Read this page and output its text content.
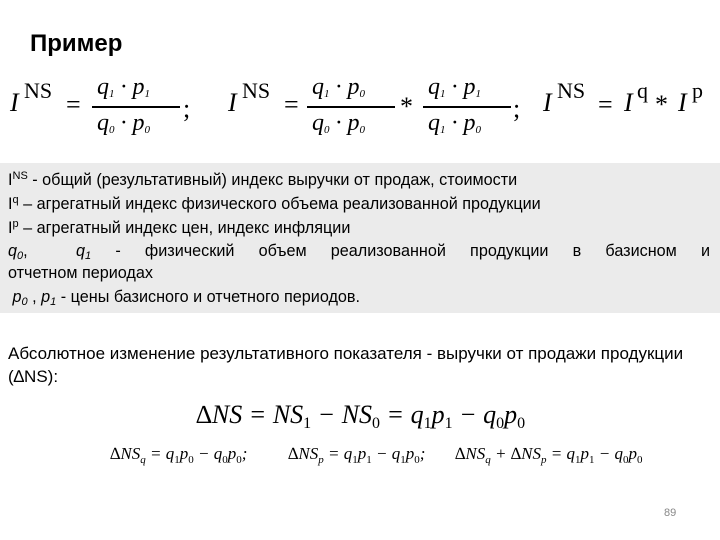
Пример
I NS =
$q_1 \cdot p_1$
$q_0 \cdot p_0$
; I NS =
$q_1 \cdot p_0$
$q_0 \cdot p_0$
*
$q_1 \cdot p_1$
$q_1 \cdot p_0$
; I NS = I q * I p
$I^{NS}$ - общий (результативный) индекс выручки от продаж, стоимости
$I^q$ – агрегатный индекс физического объема реализованной продукции
$I^p$ – агрегатный индекс цен, индекс инфляции
$q_0$,  $q_1$ - физический объем реализованной продукции в базисном и
отчетном периодах
$p_0$ , $p_1$ - цены базисного и отчетного периодов.
Абсолютное изменение результативного показателя - выручки от продажи продукции (∆NS):
∆NS = NS1 − NS0 = q1p1 − q0p0
$\Delta NS_q = q_1p_0 - q_0p_0$; $\Delta NS_p = q_1p_1 - q_1p_0$; $\Delta NS_q + \Delta NS_p = q_1p_1 - q_0p_0$
89
